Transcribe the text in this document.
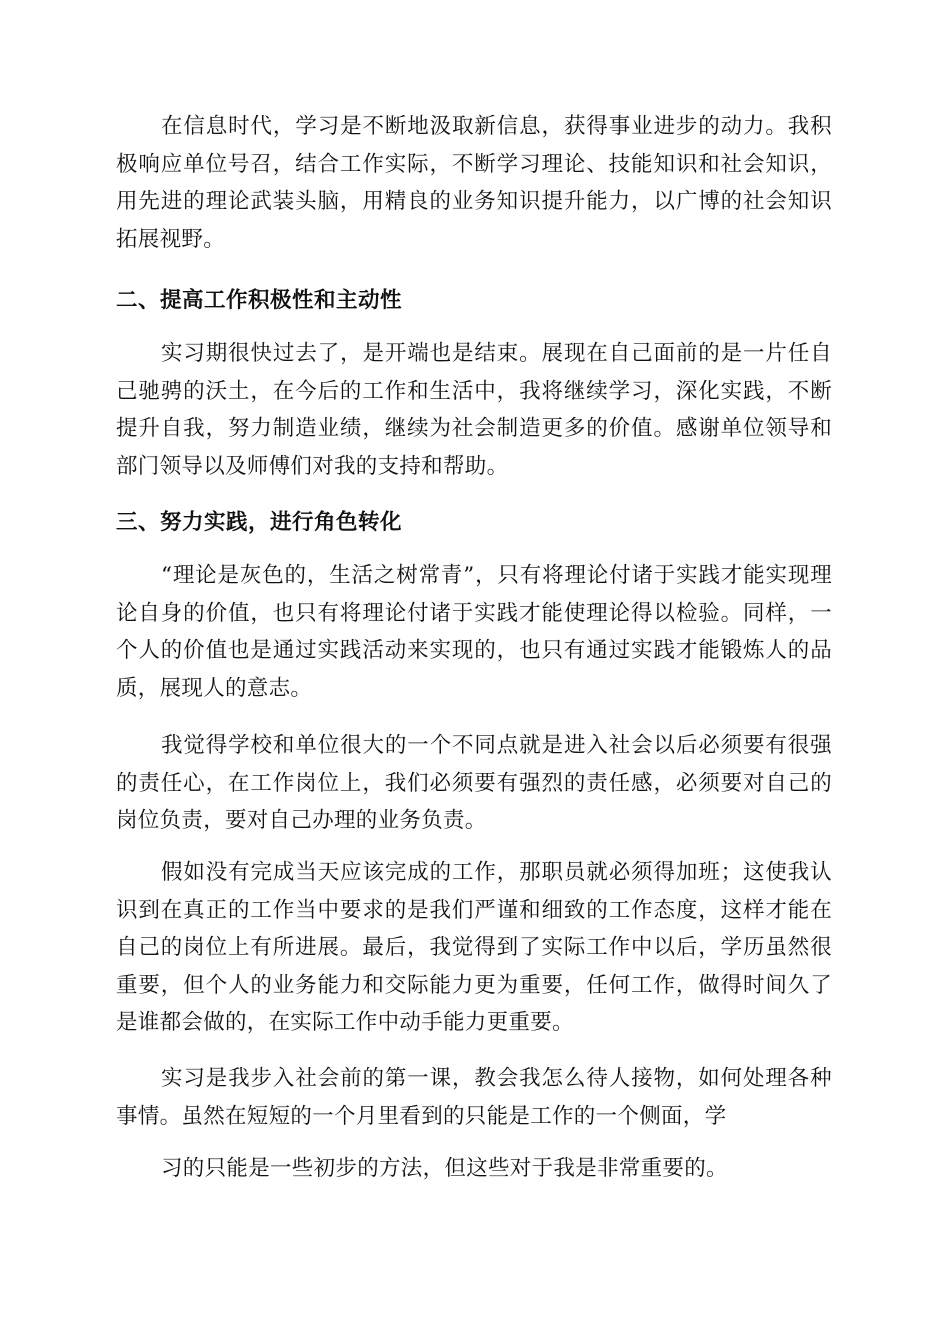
在信息时代，学习是不断地汲取新信息，获得事业进步的动力。我积极响应单位号召，结合工作实际，不断学习理论、技能知识和社会知识，用先进的理论武装头脑，用精良的业务知识提升能力，以广博的社会知识拓展视野。

二、提高工作积极性和主动性

实习期很快过去了，是开端也是结束。展现在自己面前的是一片任自己驰骋的沃土，在今后的工作和生活中，我将继续学习，深化实践，不断提升自我，努力制造业绩，继续为社会制造更多的价值。感谢单位领导和部门领导以及师傅们对我的支持和帮助。

三、努力实践，进行角色转化

“理论是灰色的，生活之树常青”，只有将理论付诸于实践才能实现理论自身的价值，也只有将理论付诸于实践才能使理论得以检验。同样，一个人的价值也是通过实践活动来实现的，也只有通过实践才能锻炼人的品质，展现人的意志。

我觉得学校和单位很大的一个不同点就是进入社会以后必须要有很强的责任心，在工作岗位上，我们必须要有强烈的责任感，必须要对自己的岗位负责，要对自己办理的业务负责。

假如没有完成当天应该完成的工作，那职员就必须得加班；这使我认识到在真正的工作当中要求的是我们严谨和细致的工作态度，这样才能在自己的岗位上有所进展。最后，我觉得到了实际工作中以后，学历虽然很重要，但个人的业务能力和交际能力更为重要，任何工作，做得时间久了是谁都会做的，在实际工作中动手能力更重要。

实习是我步入社会前的第一课，教会我怎么待人接物，如何处理各种事情。虽然在短短的一个月里看到的只能是工作的一个侧面，学

习的只能是一些初步的方法，但这些对于我是非常重要的。
